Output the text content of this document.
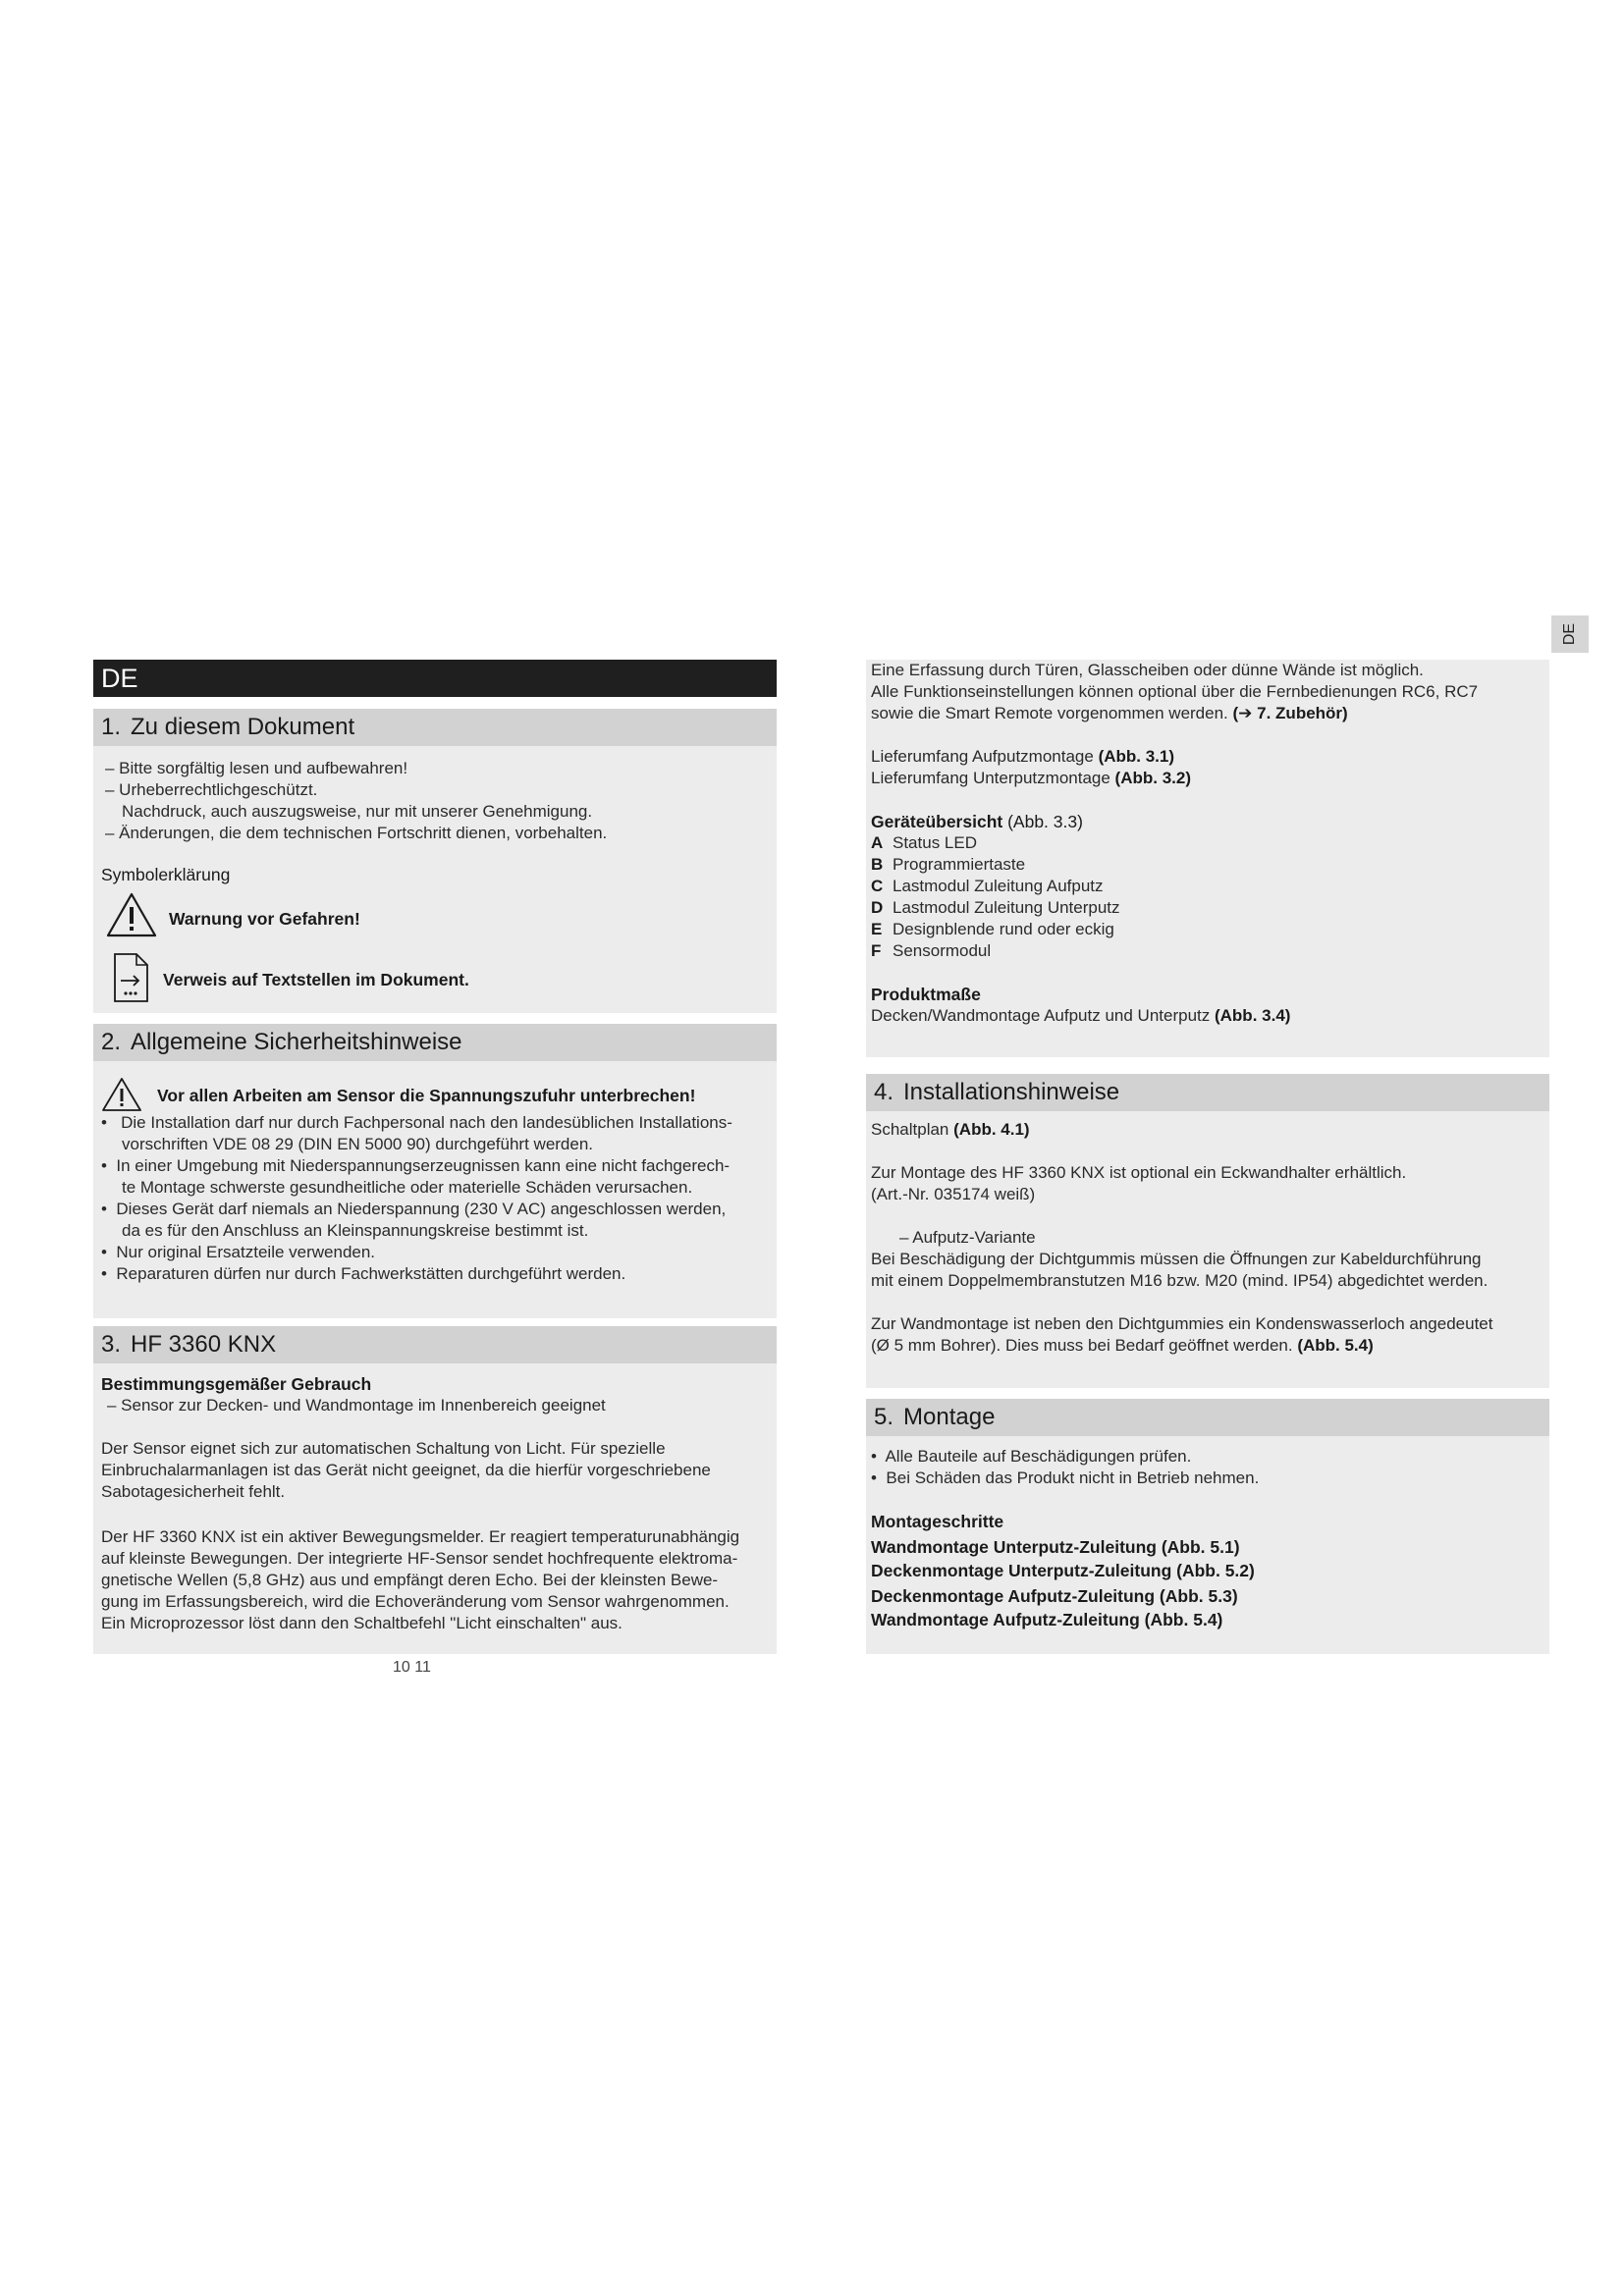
DE
DE
1. Zu diesem Dokument
– Bitte sorgfältig lesen und aufbewahren!
– Urheberrechtlichgeschützt.
Nachdruck, auch auszugsweise, nur mit unserer Genehmigung.
– Änderungen, die dem technischen Fortschritt dienen, vorbehalten.
Symbolerklärung
Warnung vor Gefahren!
Verweis auf Textstellen im Dokument.
2. Allgemeine Sicherheitshinweise
Vor allen Arbeiten am Sensor die Spannungszufuhr unterbrechen!
•   Die Installation darf nur durch Fachpersonal nach den landesüblichen Installations-
vorschriften VDE 08 29 (DIN EN 5000 90) durchgeführt werden.
•  In einer Umgebung mit Niederspannungserzeugnissen kann eine nicht fachgerech-
te Montage schwerste gesundheitliche oder materielle Schäden verursachen.
•  Dieses Gerät darf niemals an Niederspannung (230 V AC) angeschlossen werden,
da es für den Anschluss an Kleinspannungskreise bestimmt ist.
•  Nur original Ersatzteile verwenden.
•  Reparaturen dürfen nur durch Fachwerkstätten durchgeführt werden.
3. HF 3360 KNX
Bestimmungsgemäßer Gebrauch
– Sensor zur Decken- und Wandmontage im Innenbereich geeignet
Der Sensor eignet sich zur automatischen Schaltung von Licht. Für spezielle
Einbruchalarmanlagen ist das Gerät nicht geeignet, da die hierfür vorgeschriebene
Sabotagesicherheit fehlt.
Der HF 3360 KNX ist ein aktiver Bewegungsmelder. Er reagiert temperaturunabhängig
auf kleinste Bewegungen. Der integrierte HF-Sensor sendet hochfrequente elektroma-
gnetische Wellen (5,8 GHz) aus und empfängt deren Echo. Bei der kleinsten Bewe-
gung im Erfassungsbereich, wird die Echoveränderung vom Sensor wahrgenommen.
Ein Microprozessor löst dann den Schaltbefehl "Licht einschalten" aus.
10 11
Eine Erfassung durch Türen, Glasscheiben oder dünne Wände ist möglich.
Alle Funktionseinstellungen können optional über die Fernbedienungen RC6, RC7
sowie die Smart Remote vorgenommen werden. (➔ 7. Zubehör)
Lieferumfang Aufputzmontage (Abb. 3.1)
Lieferumfang Unterputzmontage (Abb. 3.2)
Geräteübersicht (Abb. 3.3)
A Status LED
B Programmiertaste
C Lastmodul Zuleitung Aufputz
D Lastmodul Zuleitung Unterputz
E Designblende rund oder eckig
F Sensormodul
Produktmaße
Decken/Wandmontage Aufputz und Unterputz (Abb. 3.4)
4. Installationshinweise
Schaltplan (Abb. 4.1)
Zur Montage des HF 3360 KNX ist optional ein Eckwandhalter erhältlich.
(Art.-Nr. 035174 weiß)
– Aufputz-Variante
Bei Beschädigung der Dichtgummis müssen die Öffnungen zur Kabeldurchführung
mit einem Doppelmembranstutzen M16 bzw. M20 (mind. IP54) abgedichtet werden.
Zur Wandmontage ist neben den Dichtgummies ein Kondenswasserloch angedeutet
(Ø 5 mm Bohrer). Dies muss bei Bedarf geöffnet werden. (Abb. 5.4)
5. Montage
•  Alle Bauteile auf Beschädigungen prüfen.
•  Bei Schäden das Produkt nicht in Betrieb nehmen.
Montageschritte
Wandmontage Unterputz-Zuleitung (Abb. 5.1)
Deckenmontage Unterputz-Zuleitung (Abb. 5.2)
Deckenmontage Aufputz-Zuleitung (Abb. 5.3)
Wandmontage Aufputz-Zuleitung (Abb. 5.4)
